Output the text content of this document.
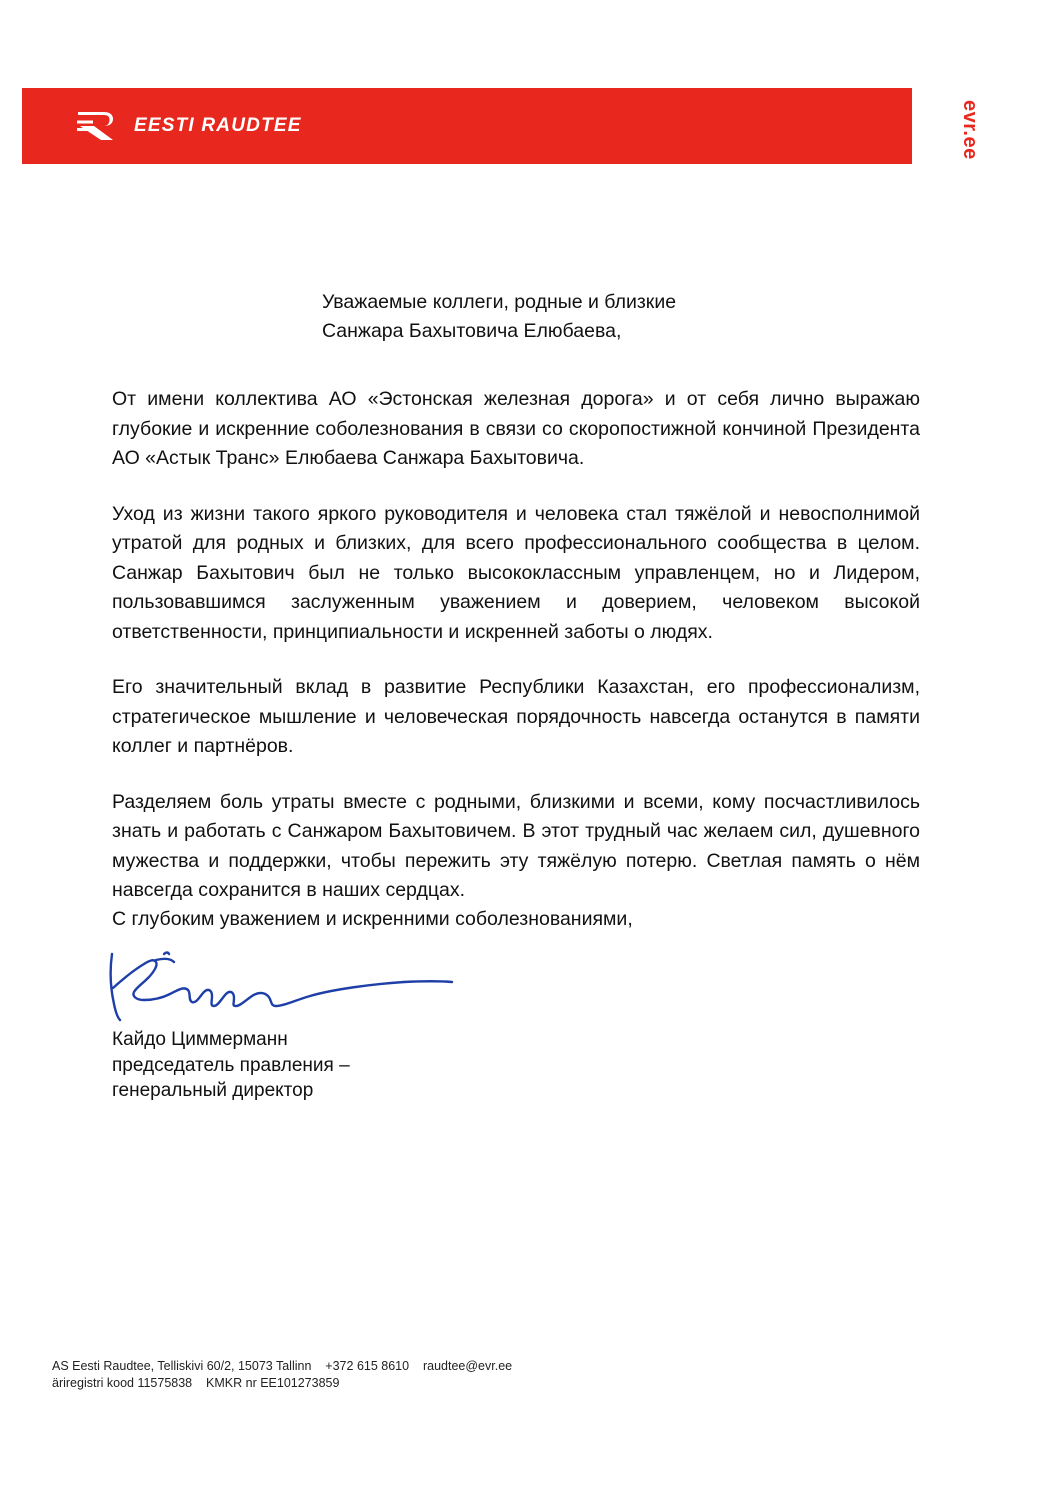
EESTI RAUDTEE	evr.ee
Уважаемые коллеги, родные и близкие
Санжара Бахытовича Елюбаева,

От имени коллектива АО «Эстонская железная дорога» и от себя лично выражаю глубокие и искренние соболезнования в связи со скоропостижной кончиной Президента АО «Астык Транс» Елюбаева Санжара Бахытовича.

Уход из жизни такого яркого руководителя и человека стал тяжёлой и невосполнимой утратой для родных и близких, для всего профессионального сообщества в целом. Санжар Бахытович был не только высококлассным управленцем, но и Лидером, пользовавшимся заслуженным уважением и доверием, человеком высокой ответственности, принципиальности и искренней заботы о людях.

Его значительный вклад в развитие Республики Казахстан, его профессионализм, стратегическое мышление и человеческая порядочность навсегда останутся в памяти коллег и партнёров.

Разделяем боль утраты вместе с родными, близкими и всеми, кому посчастливилось знать и работать с Санжаром Бахытовичем. В этот трудный час желаем сил, душевного мужества и поддержки, чтобы пережить эту тяжёлую потерю. Светлая память о нём навсегда сохранится в наших сердцах.

С глубоким уважением и искренними соболезнованиями,
Кайдо Циммерманн
председатель правления –
генеральный директор
AS Eesti Raudtee, Telliskivi 60/2, 15073 Tallinn    +372 615 8610    raudtee@evr.ee
äriregistri kood 11575838    KMKR nr EE101273859
